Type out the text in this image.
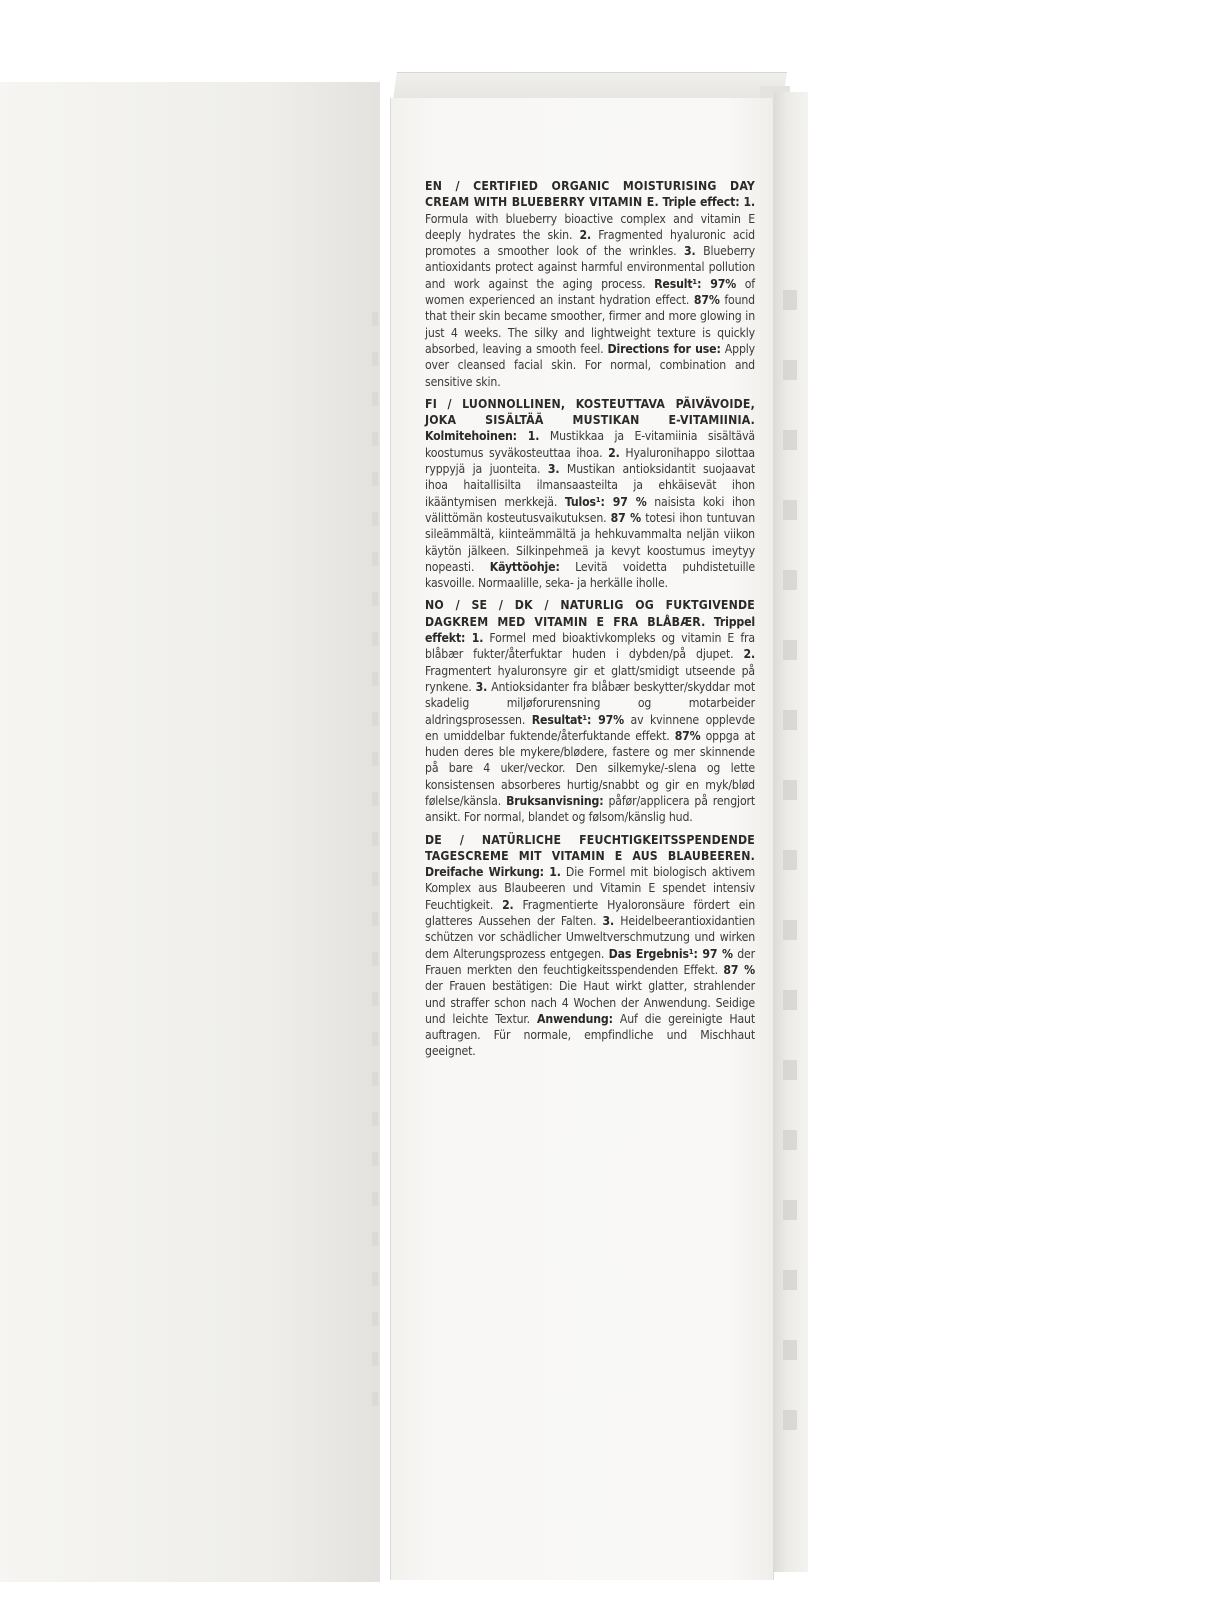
EN / CERTIFIED ORGANIC MOISTURISING DAY CREAM WITH BLUEBERRY VITAMIN E. Triple effect: 1. Formula with blueberry bioactive complex and vitamin E deeply hydrates the skin. 2. Fragmented hyaluronic acid promotes a smoother look of the wrinkles. 3. Blueberry antioxidants protect against harmful environmental pollution and work against the aging process. Result¹: 97% of women experienced an instant hydration effect. 87% found that their skin became smoother, firmer and more glowing in just 4 weeks. The silky and lightweight texture is quickly absorbed, leaving a smooth feel. Directions for use: Apply over cleansed facial skin. For normal, combination and sensitive skin.

FI / LUONNOLLINEN, KOSTEUTTAVA PÄIVÄVOIDE, JOKA SISÄLTÄÄ MUSTIKAN E-VITAMIINIA. Kolmitehoinen: 1. Mustikkaa ja E-vitamiinia sisältävä koostumus syväkosteuttaa ihoa. 2. Hyaluronihappo silottaa ryppyjä ja juonteita. 3. Mustikan antioksidantit suojaavat ihoa haitallisilta ilmansaasteilta ja ehkäisevät ihon ikääntymisen merkkejä. Tulos¹: 97 % naisista koki ihon välittömän kosteutusvaikutuksen. 87 % totesi ihon tuntuvan sileämmältä, kiinteämmältä ja hehkuvammalta neljän viikon käytön jälkeen. Silkinpehmeä ja kevyt koostumus imeytyy nopeasti. Käyttöohje: Levitä voidetta puhdistetuille kasvoille. Normaalille, seka- ja herkälle iholle.

NO / SE / DK / NATURLIG OG FUKTGIVENDE DAGKREM MED VITAMIN E FRA BLÅBÆR. Trippel effekt: 1. Formel med bioaktivkompleks og vitamin E fra blåbær fukter/återfuktar huden i dybden/på djupet. 2. Fragmentert hyaluronsyre gir et glatt/smidigt utseende på rynkene. 3. Antioksidanter fra blåbær beskytter/skyddar mot skadelig miljøforurensning og motarbeider aldringsprosessen. Resultat¹: 97% av kvinnene opplevde en umiddelbar fuktende/återfuktande effekt. 87% oppga at huden deres ble mykere/blødere, fastere og mer skinnende på bare 4 uker/veckor. Den silkemyke/-slena og lette konsistensen absorberes hurtig/snabbt og gir en myk/blød følelse/känsla. Bruksanvisning: påfør/applicera på rengjort ansikt. For normal, blandet og følsom/känslig hud.

DE / NATÜRLICHE FEUCHTIGKEITSSPENDENDE TAGESCREME MIT VITAMIN E AUS BLAUBEEREN. Dreifache Wirkung: 1. Die Formel mit biologisch aktivem Komplex aus Blaubeeren und Vitamin E spendet intensiv Feuchtigkeit. 2. Fragmentierte Hyaloronsäure fördert ein glatteres Aussehen der Falten. 3. Heidelbeerantioxidantien schützen vor schädlicher Umweltverschmutzung und wirken dem Alterungsprozess entgegen. Das Ergebnis¹: 97 % der Frauen merkten den feuchtigkeitsspendenden Effekt. 87 % der Frauen bestätigen: Die Haut wirkt glatter, strahlender und straffer schon nach 4 Wochen der Anwendung. Seidige und leichte Textur. Anwendung: Auf die gereinigte Haut auftragen. Für normale, empfindliche und Mischhaut geeignet.
